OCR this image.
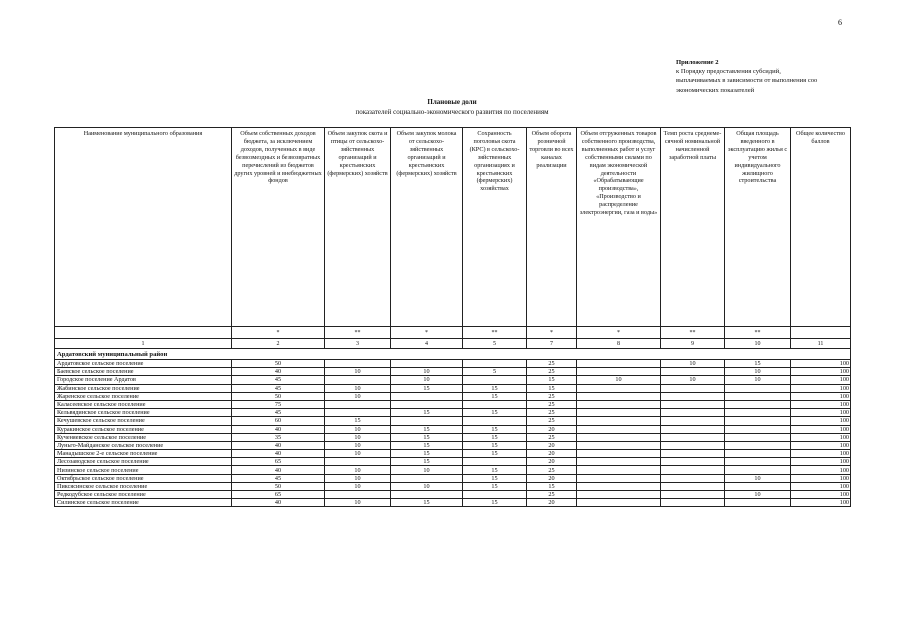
6
Приложение 2
к Порядку предоставления субсидий,
выплачиваемых в зависимости от выполнения соо
экономических показателей
Плановые доли
показателей социально-экономического развития по поселениям
Наименование муниципального образования	Объем собственных доходов бюджета, за исключением доходов, полученных в виде безвозмездных и безвозвратных перечислений из бюджетов других уровней и внебюджетных фондов	Объем закупок скота и птицы от сельскохо-зяйственных организаций и крестьянских (фермерских) хозяйств	Объем закупок молока от сельскохо-зяйственных организаций и крестьянских (фермерских) хозяйств	Сохранность поголовья скота (КРС) в сельскохо-зяйственных организациях и крестьянских (фермерских) хозяйствах	Объем оборота розничной торговли во всех каналах реализации	Объем отгруженных товаров собственного производства, выполненных работ и услуг собственными силами по видам экономической деятельности «Обрабатывающие производства», «Производство и распределение электроэнергии, газа и воды»	Темп роста среднеме-сячной номинальной начисленной заработной платы	Общая площадь введенного в эксплуатацию жилья с учетом индивидуального жилищного строительства	Общее количество баллов
	*	**	*	**	*	*	**	**	
1	2	3	4	5	7	8	9	10	11
Ардатовский муниципальный район									
Ардатовское сельское поселение	50				25		10	15	100
Баевское сельское поселение	40	10	10	5	25			10	100
Городское поселение Ардатов	45		10		15	10	10	10	100
Жабинское сельское поселение	45	10	15	15	15				100
Жаренское сельское поселение	50	10		15	25				100
Каласеевское сельское поселение	75				25				100
Кельвядинское сельское поселение	45		15	15	25				100
Кечушевское сельское поселение	60	15			25				100
Куракинское сельское поселение	40	10	15	15	20				100
Кученяевское сельское поселение	35	10	15	15	25				100
Луньго-Майданское сельское поселение	40	10	15	15	20				100
Манадышское 2-е сельское поселение	40	10	15	15	20				100
Лесозаводское сельское поселение	65		15		20				100
Низинское сельское поселение	40	10	10	15	25				100
Октябрьское сельское поселение	45	10		15	20			10	100
Пиксясинское сельское поселение	50	10	10	15	15				100
Редкодубское сельское поселение	65				25			10	100
Силинское сельское поселение	40	10	15	15	20				100
